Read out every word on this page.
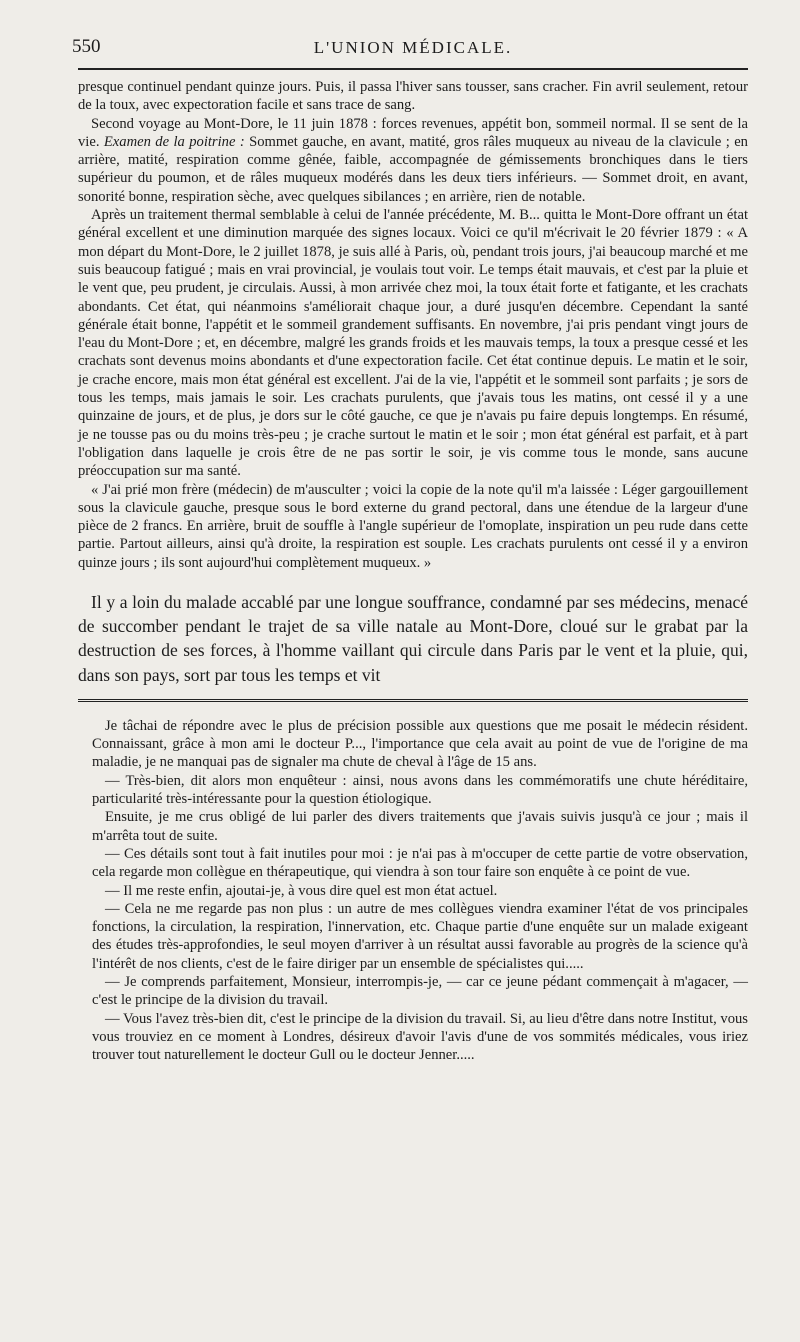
550	L'UNION MÉDICALE.

presque continuel pendant quinze jours. Puis, il passa l'hiver sans tousser, sans cracher. Fin avril seulement, retour de la toux, avec expectoration facile et sans trace de sang.

Second voyage au Mont-Dore, le 11 juin 1878 : forces revenues, appétit bon, sommeil normal. Il se sent de la vie. Examen de la poitrine : Sommet gauche, en avant, matité, gros râles muqueux au niveau de la clavicule ; en arrière, matité, respiration comme gênée, faible, accompagnée de gémissements bronchiques dans le tiers supérieur du poumon, et de râles muqueux modérés dans les deux tiers inférieurs. — Sommet droit, en avant, sonorité bonne, respiration sèche, avec quelques sibilances ; en arrière, rien de notable.

Après un traitement thermal semblable à celui de l'année précédente, M. B... quitta le Mont-Dore offrant un état général excellent et une diminution marquée des signes locaux. Voici ce qu'il m'écrivait le 20 février 1879 : « A mon départ du Mont-Dore, le 2 juillet 1878, je suis allé à Paris, où, pendant trois jours, j'ai beaucoup marché et me suis beaucoup fatigué ; mais en vrai provincial, je voulais tout voir. Le temps était mauvais, et c'est par la pluie et le vent que, peu prudent, je circulais. Aussi, à mon arrivée chez moi, la toux était forte et fatigante, et les crachats abondants. Cet état, qui néanmoins s'améliorait chaque jour, a duré jusqu'en décembre. Cependant la santé générale était bonne, l'appétit et le sommeil grandement suffisants. En novembre, j'ai pris pendant vingt jours de l'eau du Mont-Dore ; et, en décembre, malgré les grands froids et les mauvais temps, la toux a presque cessé et les crachats sont devenus moins abondants et d'une expectoration facile. Cet état continue depuis. Le matin et le soir, je crache encore, mais mon état général est excellent. J'ai de la vie, l'appétit et le sommeil sont parfaits ; je sors de tous les temps, mais jamais le soir. Les crachats purulents, que j'avais tous les matins, ont cessé il y a une quinzaine de jours, et de plus, je dors sur le côté gauche, ce que je n'avais pu faire depuis longtemps. En résumé, je ne tousse pas ou du moins très-peu ; je crache surtout le matin et le soir ; mon état général est parfait, et à part l'obligation dans laquelle je crois être de ne pas sortir le soir, je vis comme tous le monde, sans aucune préoccupation sur ma santé.

« J'ai prié mon frère (médecin) de m'ausculter ; voici la copie de la note qu'il m'a laissée : Léger gargouillement sous la clavicule gauche, presque sous le bord externe du grand pectoral, dans une étendue de la largeur d'une pièce de 2 francs. En arrière, bruit de souffle à l'angle supérieur de l'omoplate, inspiration un peu rude dans cette partie. Partout ailleurs, ainsi qu'à droite, la respiration est souple. Les crachats purulents ont cessé il y a environ quinze jours ; ils sont aujourd'hui complètement muqueux. »

Il y a loin du malade accablé par une longue souffrance, condamné par ses médecins, menacé de succomber pendant le trajet de sa ville natale au Mont-Dore, cloué sur le grabat par la destruction de ses forces, à l'homme vaillant qui circule dans Paris par le vent et la pluie, qui, dans son pays, sort par tous les temps et vit

Je tâchai de répondre avec le plus de précision possible aux questions que me posait le médecin résident. Connaissant, grâce à mon ami le docteur P..., l'importance que cela avait au point de vue de l'origine de ma maladie, je ne manquai pas de signaler ma chute de cheval à l'âge de 15 ans.

— Très-bien, dit alors mon enquêteur : ainsi, nous avons dans les commémoratifs une chute héréditaire, particularité très-intéressante pour la question étiologique.

Ensuite, je me crus obligé de lui parler des divers traitements que j'avais suivis jusqu'à ce jour ; mais il m'arrêta tout de suite.

— Ces détails sont tout à fait inutiles pour moi : je n'ai pas à m'occuper de cette partie de votre observation, cela regarde mon collègue en thérapeutique, qui viendra à son tour faire son enquête à ce point de vue.

— Il me reste enfin, ajoutai-je, à vous dire quel est mon état actuel.

— Cela ne me regarde pas non plus : un autre de mes collègues viendra examiner l'état de vos principales fonctions, la circulation, la respiration, l'innervation, etc. Chaque partie d'une enquête sur un malade exigeant des études très-approfondies, le seul moyen d'arriver à un résultat aussi favorable au progrès de la science qu'à l'intérêt de nos clients, c'est de le faire diriger par un ensemble de spécialistes qui.....

— Je comprends parfaitement, Monsieur, interrompis-je, — car ce jeune pédant commençait à m'agacer, — c'est le principe de la division du travail.

— Vous l'avez très-bien dit, c'est le principe de la division du travail. Si, au lieu d'être dans notre Institut, vous vous trouviez en ce moment à Londres, désireux d'avoir l'avis d'une de vos sommités médicales, vous iriez trouver tout naturellement le docteur Gull ou le docteur Jenner.....
